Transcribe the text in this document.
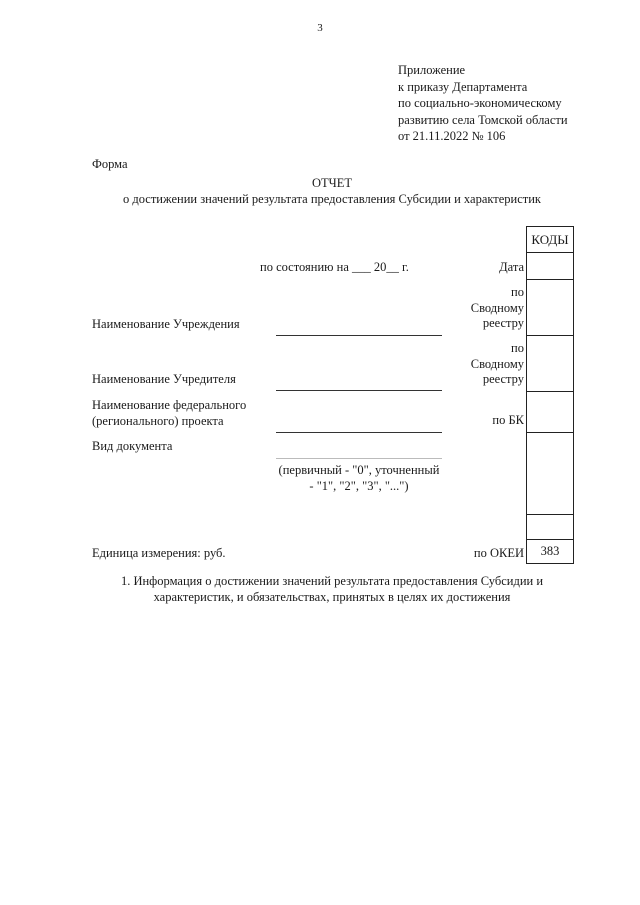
3
Приложение
к приказу Департамента
по социально-экономическому
развитию села Томской области
от 21.11.2022 № 106
Форма
ОТЧЕТ
о достижении значений результата предоставления Субсидии и характеристик
КОДЫ
383
по состоянию на ___ 20__ г.	Дата
по
Сводному
реестру
по
Сводному
реестру
по БК
по ОКЕИ
Наименование Учреждения
Наименование Учредителя
Наименование федерального
(регионального) проекта
Вид документа
(первичный - "0", уточненный - "1", "2", "3", "...")
Единица измерения: руб.
1. Информация о достижении значений результата предоставления Субсидии и
характеристик, и обязательствах, принятых в целях их достижения
